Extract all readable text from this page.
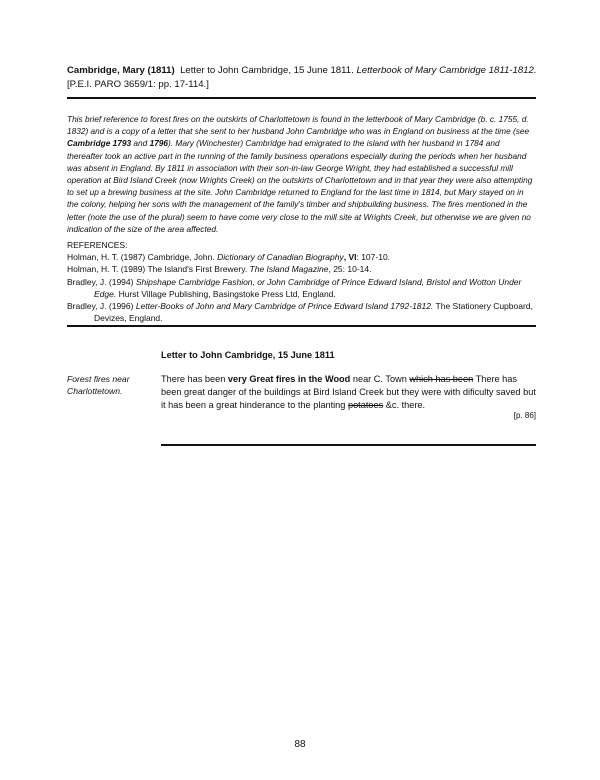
Cambridge, Mary (1811) Letter to John Cambridge, 15 June 1811. Letterbook of Mary Cambridge 1811-1812. [P.E.I. PARO 3659/1: pp. 17-114.]
This brief reference to forest fires on the outskirts of Charlottetown is found in the letterbook of Mary Cambridge (b. c. 1755, d. 1832) and is a copy of a letter that she sent to her husband John Cambridge who was in England on business at the time (see Cambridge 1793 and 1796). Mary (Winchester) Cambridge had emigrated to the island with her husband in 1784 and thereafter took an active part in the running of the family business operations especially during the periods when her husband was absent in England. By 1811 in association with their son-in-law George Wright, they had established a successful mill operation at Bird Island Creek (now Wrights Creek) on the outskirts of Charlottetown and in that year they were also attempting to set up a brewing business at the site. John Cambridge returned to England for the last time in 1814, but Mary stayed on in the colony, helping her sons with the management of the family's timber and shipbuilding business. The fires mentioned in the letter (note the use of the plural) seem to have come very close to the mill site at Wrights Creek, but otherwise we are given no indication of the size of the area affected.
REFERENCES:
Holman, H. T. (1987) Cambridge, John. Dictionary of Canadian Biography, VI: 107-10.
Holman, H. T. (1989) The Island's First Brewery. The Island Magazine, 25: 10-14.
Bradley, J. (1994) Shipshape Cambridge Fashion, or John Cambridge of Prince Edward Island, Bristol and Wotton Under Edge. Hurst Village Publishing, Basingstoke Press Ltd, England.
Bradley, J. (1996) Letter-Books of John and Mary Cambridge of Prince Edward Island 1792-1812. The Stationery Cupboard, Devizes, England.
Letter to John Cambridge, 15 June 1811
Forest fires near Charlottetown.
There has been very Great fires in the Wood near C. Town which has been There has been great danger of the buildings at Bird Island Creek but they were with dificulty saved but it has been a great hinderance to the planting potatoes &c. there.
[p. 86]
88
